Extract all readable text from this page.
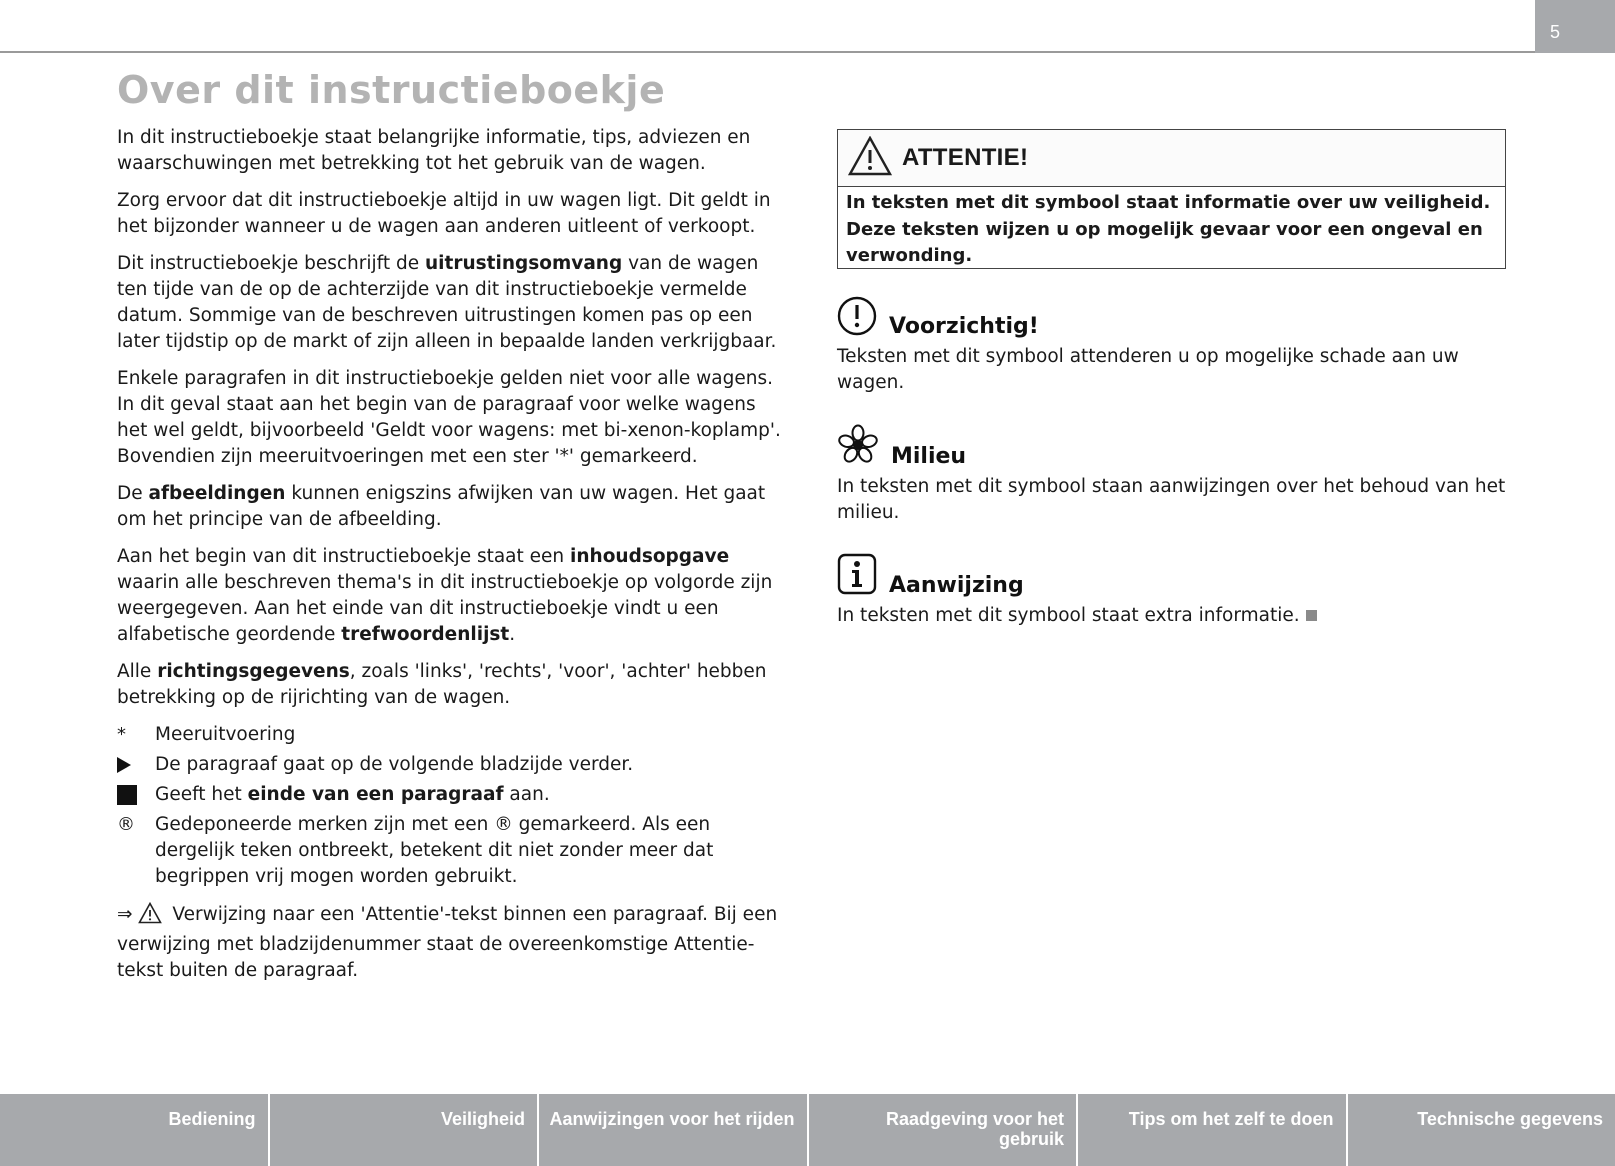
5
Over dit instructieboekje

In dit instructieboekje staat belangrijke informatie, tips, adviezen en waarschuwingen met betrekking tot het gebruik van de wagen.

Zorg ervoor dat dit instructieboekje altijd in uw wagen ligt. Dit geldt in het bijzonder wanneer u de wagen aan anderen uitleent of verkoopt.

Dit instructieboekje beschrijft de uitrustingsomvang van de wagen ten tijde van de op de achterzijde van dit instructieboekje vermelde datum. Sommige van de beschreven uitrustingen komen pas op een later tijdstip op de markt of zijn alleen in bepaalde landen verkrijgbaar.

Enkele paragrafen in dit instructieboekje gelden niet voor alle wagens. In dit geval staat aan het begin van de paragraaf voor welke wagens het wel geldt, bijvoorbeeld 'Geldt voor wagens: met bi-xenon-koplamp'. Bovendien zijn meeruitvoeringen met een ster '*' gemarkeerd.

De afbeeldingen kunnen enigszins afwijken van uw wagen. Het gaat om het principe van de afbeelding.

Aan het begin van dit instructieboekje staat een inhoudsopgave waarin alle beschreven thema's in dit instructieboekje op volgorde zijn weergegeven. Aan het einde van dit instructieboekje vindt u een alfabetische geordende trefwoordenlijst.

Alle richtingsgegevens, zoals 'links', 'rechts', 'voor', 'achter' hebben betrekking op de rijrichting van de wagen.

*	Meeruitvoering
De paragraaf gaat op de volgende bladzijde verder.
Geeft het einde van een paragraaf aan.
®	Gedeponeerde merken zijn met een ® gemarkeerd. Als een dergelijk teken ontbreekt, betekent dit niet zonder meer dat begrippen vrij mogen worden gebruikt.

⇒ Verwijzing naar een 'Attentie'-tekst binnen een paragraaf. Bij een verwijzing met bladzijdenummer staat de overeenkomstige Attentie-tekst buiten de paragraaf.

ATTENTIE!
In teksten met dit symbool staat informatie over uw veiligheid. Deze teksten wijzen u op mogelijk gevaar voor een ongeval en verwonding.
Voorzichtig!
Teksten met dit symbool attenderen u op mogelijke schade aan uw wagen.
Milieu
In teksten met dit symbool staan aanwijzingen over het behoud van het milieu.
Aanwijzing
In teksten met dit symbool staat extra informatie.
Bediening	Veiligheid	Aanwijzingen voor het rijden	Raadgeving voor het gebruik
Tips om het zelf te doen	Technische gegevens
